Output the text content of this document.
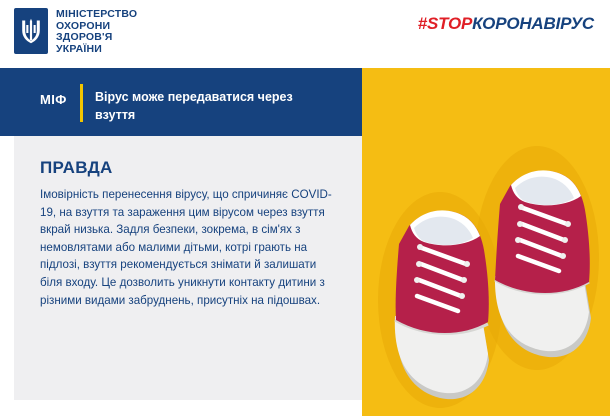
МІНІСТЕРСТВО
ОХОРОНИ
ЗДОРОВ'Я
УКРАЇНИ
#STOPКОРОНАВІРУС
МІФ Вірус може передаватися через взуття
ПРАВДА

Імовірність перенесення вірусу, що спричиняє COVID-19, на взуття та зараження цим вірусом через взуття вкрай низька. Задля безпеки, зокрема, в сім'ях з немовлятами або малими дітьми, котрі грають на підлозі, взуття рекомендується знімати й залишати біля входу. Це дозволить уникнути контакту дитини з різними видами забруднень, присутніх на підошвах.
